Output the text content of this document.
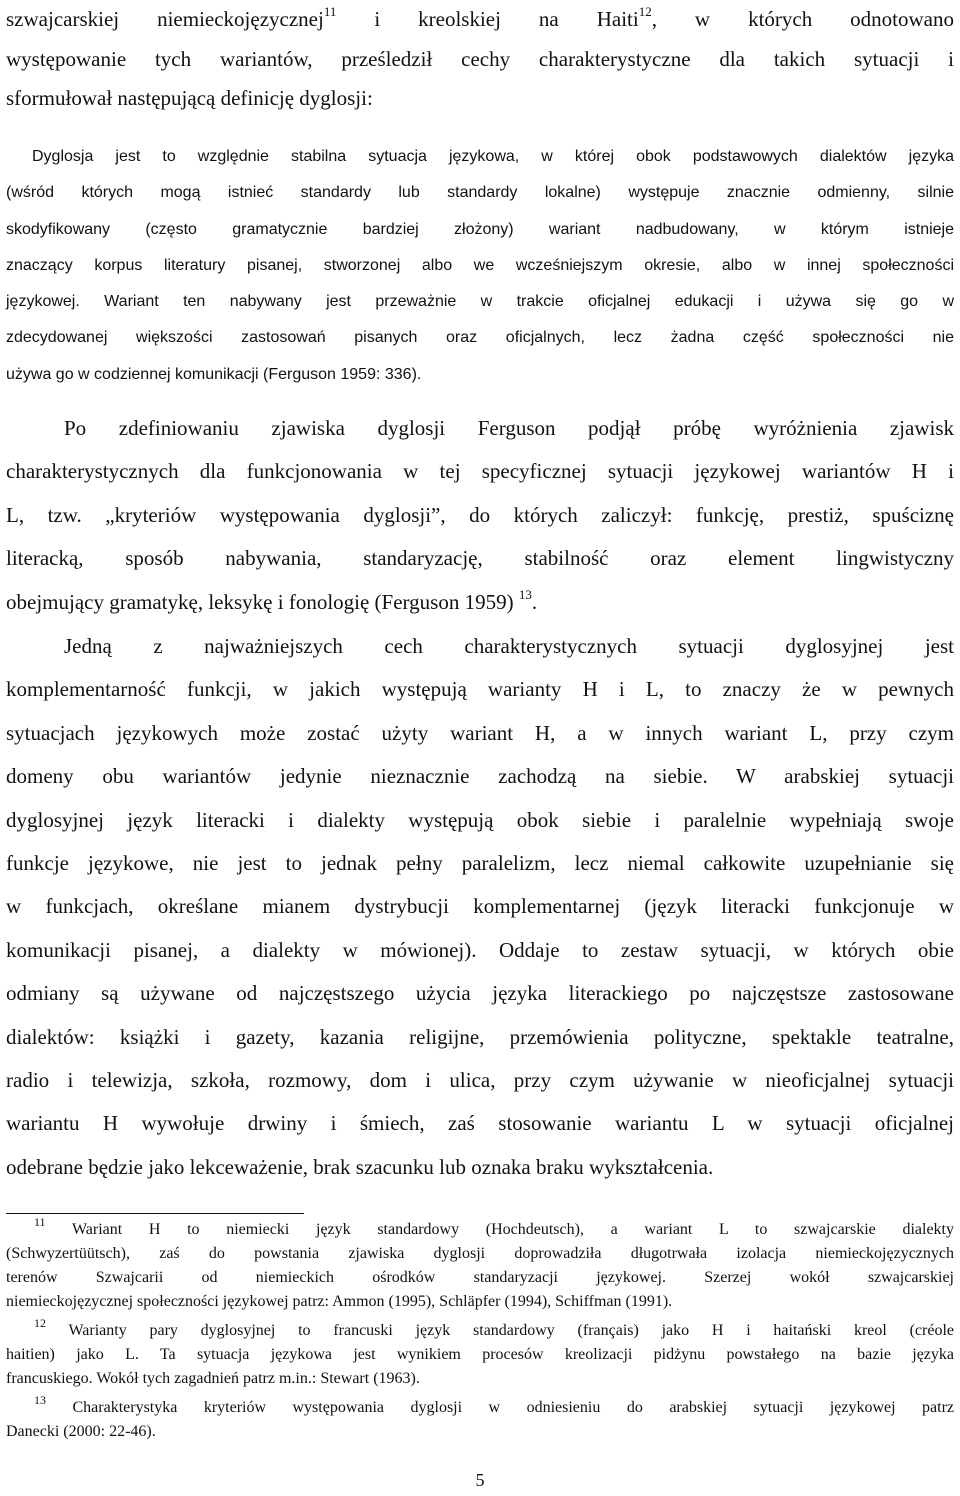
szwajcarskiej niemieckojęzycznej$^{11}$ i kreolskiej na Haiti$^{12}$, w których odnotowano
występowanie tych wariantów, prześledził cechy charakterystyczne dla takich sytuacji i
sformułował następującą definicję dyglosji:
Dyglosja jest to względnie stabilna sytuacja językowa, w której obok podstawowych dialektów języka
(wśród których mogą istnieć standardy lub standardy lokalne) występuje znacznie odmienny, silnie
skodyfikowany (często gramatycznie bardziej złożony) wariant nadbudowany, w którym istnieje
znaczący korpus literatury pisanej, stworzonej albo we wcześniejszym okresie, albo w innej społeczności
językowej. Wariant ten nabywany jest przeważnie w trakcie oficjalnej edukacji i używa się go w
zdecydowanej większości zastosowań pisanych oraz oficjalnych, lecz żadna część społeczności nie
używa go w codziennej komunikacji (Ferguson 1959: 336).
Po zdefiniowaniu zjawiska dyglosji Ferguson podjął próbę wyróżnienia zjawisk
charakterystycznych dla funkcjonowania w tej specyficznej sytuacji językowej wariantów H i
L, tzw. „kryteriów występowania dyglosji”, do których zaliczył: funkcję, prestiż, spuściznę
literacką, sposób nabywania, standaryzację, stabilność oraz element lingwistyczny
obejmujący gramatykę, leksykę i fonologię (Ferguson 1959) $^{13}$.
Jedną z najważniejszych cech charakterystycznych sytuacji dyglosyjnej jest
komplementarność funkcji, w jakich występują warianty H i L, to znaczy że w pewnych
sytuacjach językowych może zostać użyty wariant H, a w innych wariant L, przy czym
domeny obu wariantów jedynie nieznacznie zachodzą na siebie. W arabskiej sytuacji
dyglosyjnej język literacki i dialekty występują obok siebie i paralelnie wypełniają swoje
funkcje językowe, nie jest to jednak pełny paralelizm, lecz niemal całkowite uzupełnianie się
w funkcjach, określane mianem dystrybucji komplementarnej (język literacki funkcjonuje w
komunikacji pisanej, a dialekty w mówionej). Oddaje to zestaw sytuacji, w których obie
odmiany są używane od najczęstszego użycia języka literackiego po najczęstsze zastosowane
dialektów: książki i gazety, kazania religijne, przemówienia polityczne, spektakle teatralne,
radio i telewizja, szkoła, rozmowy, dom i ulica, przy czym używanie w nieoficjalnej sytuacji
wariantu H wywołuje drwiny i śmiech, zaś stosowanie wariantu L w sytuacji oficjalnej
odebrane będzie jako lekceważenie, brak szacunku lub oznaka braku wykształcenia.
$^{11}$ Wariant H to niemiecki język standardowy (Hochdeutsch), a wariant L to szwajcarskie dialekty
(Schwyzertüütsch), zaś do powstania zjawiska dyglosji doprowadziła długotrwała izolacja niemieckojęzycznych
terenów Szwajcarii od niemieckich ośrodków standaryzacji językowej. Szerzej wokół szwajcarskiej
niemieckojęzycznej społeczności językowej patrz: Ammon (1995), Schläpfer (1994), Schiffman (1991).
$^{12}$ Warianty pary dyglosyjnej to francuski język standardowy (français) jako H i haitański kreol (créole
haitien) jako L. Ta sytuacja językowa jest wynikiem procesów kreolizacji pidżynu powstałego na bazie języka
francuskiego. Wokół tych zagadnień patrz m.in.: Stewart (1963).
$^{13}$ Charakterystyka kryteriów występowania dyglosji w odniesieniu do arabskiej sytuacji językowej patrz
Danecki (2000: 22-46).
5
